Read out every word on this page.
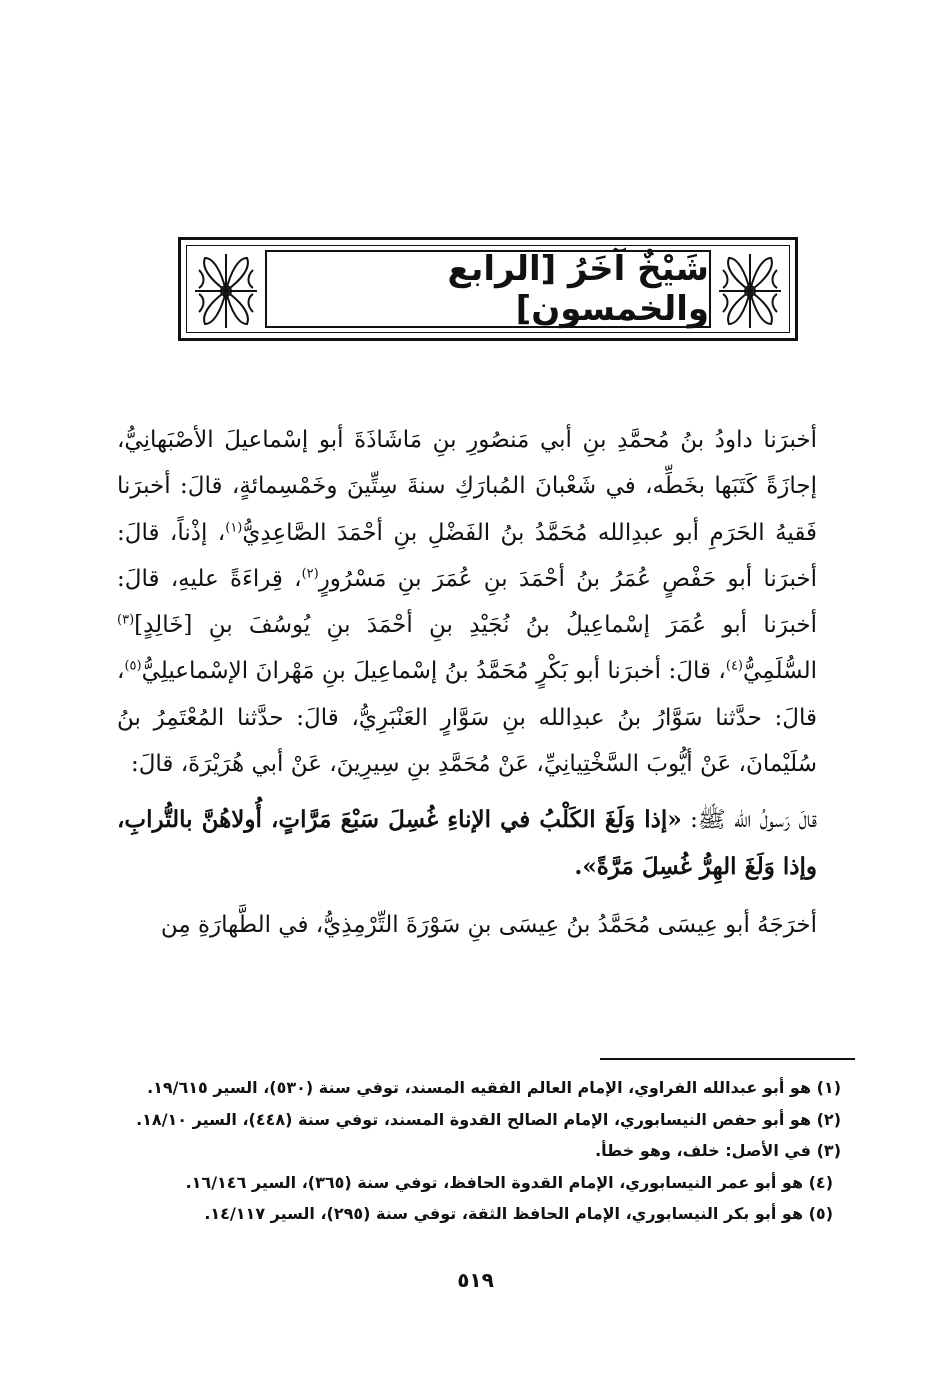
شَيْخٌ آخَرُ [الرابع والخمسون]

أخبرَنا داودُ بنُ مُحمَّدِ بنِ أبي مَنصُورِ بنِ مَاشَاذَةَ أبو إسْماعيلَ الأصْبَهانِيُّ، إجازَةً كَتَبَها بخَطِّه، في شَعْبانَ المُبارَكِ سنةَ سِتِّينَ وخَمْسِمائةٍ، قالَ: أخبرَنا فَقيهُ الحَرَمِ أبو عبدِالله مُحَمَّدُ بنُ الفَضْلِ بنِ أحْمَدَ الصَّاعِدِيُّ$^{(١)}$، إذْناً، قالَ: أخبرَنا أبو حَفْصٍ عُمَرُ بنُ أحْمَدَ بنِ عُمَرَ بنِ مَسْرُورٍ$^{(٢)}$، قِراءَةً عليهِ، قالَ: أخبرَنا أبو عُمَرَ إسْماعِيلُ بنُ نُجَيْدِ بنِ أحْمَدَ بنِ يُوسُفَ بنِ [خَالِدٍ]$^{(٣)}$ السُّلَمِيُّ$^{(٤)}$، قالَ: أخبرَنا أبو بَكْرٍ مُحَمَّدُ بنُ إسْماعِيلَ بنِ مَهْرانَ الإسْماعيلِيُّ$^{(٥)}$، قالَ: حدَّثنا سَوَّارُ بنُ عبدِالله بنِ سَوَّارٍ العَنْبَرِيُّ، قالَ: حدَّثنا المُعْتَمِرُ بنُ سُلَيْمانَ، عَنْ أيُّوبَ السَّخْتِيانِيِّ، عَنْ مُحَمَّدِ بنِ سِيرِينَ، عَنْ أبي هُرَيْرَةَ، قالَ:

قالَ رَسولُ الله ﷺ: «إذا وَلَغَ الكَلْبُ في الإناءِ غُسِلَ سَبْعَ مَرَّاتٍ، أُولاهُنَّ بالتُّرابِ، وإذا وَلَغَ الهِرُّ غُسِلَ مَرَّةً».

أخرَجَهُ أبو عِيسَى مُحَمَّدُ بنُ عِيسَى بنِ سَوْرَةَ التِّرْمِذِيُّ، في الطَّهارَةِ مِن

(١) هو أبو عبدالله الفراوي، الإمام العالم الفقيه المسند، توفي سنة (٥٣٠)، السير ١٩/٦١٥.
(٢) هو أبو حفص النيسابوري، الإمام الصالح القدوة المسند، توفي سنة (٤٤٨)، السير ١٨/١٠.
(٣) في الأصل: خلف، وهو خطأ.
(٤) هو أبو عمر النيسابوري، الإمام القدوة الحافظ، توفي سنة (٣٦٥)، السير ١٦/١٤٦.
(٥) هو أبو بكر النيسابوري، الإمام الحافظ الثقة، توفي سنة (٢٩٥)، السير ١٤/١١٧.
٥١٩
